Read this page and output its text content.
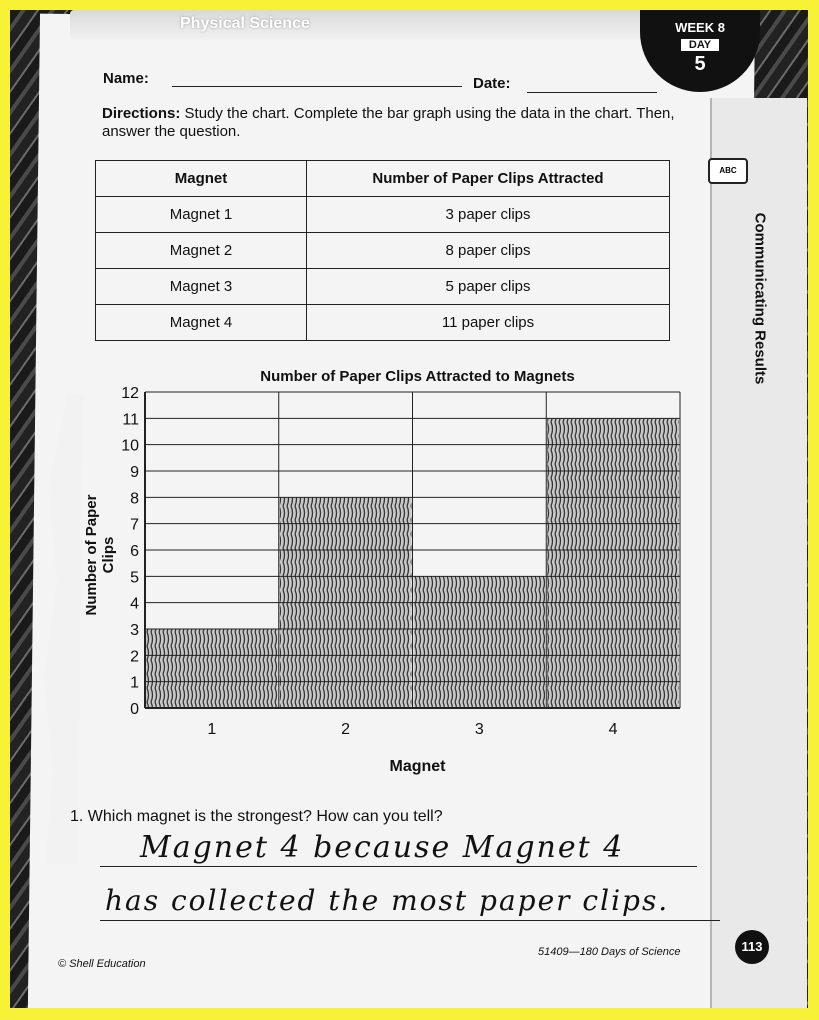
Physical Science	WEEK 8
DAY
5
Name:	Date:
Directions: Study the chart. Complete the bar graph using the data in the chart. Then, answer the question.
ABC
Communicating Results
Magnet	Number of Paper Clips Attracted
Magnet 1	3 paper clips
Magnet 2	8 paper clips
Magnet 3	5 paper clips
Magnet 4	11 paper clips
Number of Paper Clips Attracted to Magnets
Number of Paper Clips
Magnet
0
1
2
3
4
5
6
7
8
9
10
11
12
1	2	3	4
1. Which magnet is the strongest? How can you tell?
Magnet 4 because Magnet 4
has collected the most paper clips.
© Shell Education
51409—180 Days of Science	113
